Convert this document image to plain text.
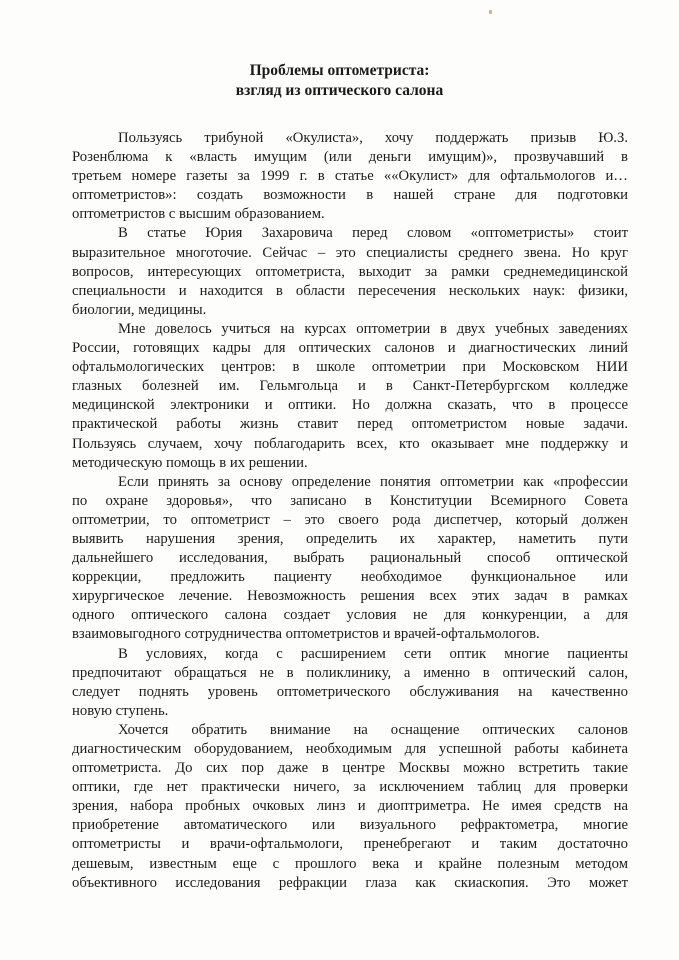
Проблемы оптометриста:
взгляд из оптического салона
Пользуясь трибуной «Окулиста», хочу поддержать призыв Ю.З.
Розенблюма к «власть имущим (или деньги имущим)», прозвучавший в
третьем номере газеты за 1999 г. в статье ««Окулист» для офтальмологов и…
оптометристов»: создать возможности в нашей стране для подготовки
оптометристов с высшим образованием.
В статье Юрия Захаровича перед словом «оптометристы» стоит
выразительное многоточие. Сейчас – это специалисты среднего звена. Но круг
вопросов, интересующих оптометриста, выходит за рамки среднемедицинской
специальности и находится в области пересечения нескольких наук: физики,
биологии, медицины.
Мне довелось учиться на курсах оптометрии в двух учебных заведениях
России, готовящих кадры для оптических салонов и диагностических линий
офтальмологических центров: в школе оптометрии при Московском НИИ
глазных болезней им. Гельмгольца и в Санкт-Петербургском колледже
медицинской электроники и оптики. Но должна сказать, что в процессе
практической работы жизнь ставит перед оптометристом новые задачи.
Пользуясь случаем, хочу поблагодарить всех, кто оказывает мне поддержку и
методическую помощь в их решении.
Если принять за основу определение понятия оптометрии как «профессии
по охране здоровья», что записано в Конституции Всемирного Совета
оптометрии, то оптометрист – это своего рода диспетчер, который должен
выявить нарушения зрения, определить их характер, наметить пути
дальнейшего исследования, выбрать рациональный способ оптической
коррекции, предложить пациенту необходимое функциональное или
хирургическое лечение. Невозможность решения всех этих задач в рамках
одного оптического салона создает условия не для конкуренции, а для
взаимовыгодного сотрудничества оптометристов и врачей-офтальмологов.
В условиях, когда с расширением сети оптик многие пациенты
предпочитают обращаться не в поликлинику, а именно в оптический салон,
следует поднять уровень оптометрического обслуживания на качественно
новую ступень.
Хочется обратить внимание на оснащение оптических салонов
диагностическим оборудованием, необходимым для успешной работы кабинета
оптометриста. До сих пор даже в центре Москвы можно встретить такие
оптики, где нет практически ничего, за исключением таблиц для проверки
зрения, набора пробных очковых линз и диоптриметра. Не имея средств на
приобретение автоматического или визуального рефрактометра, многие
оптометристы и врачи-офтальмологи, пренебрегают и таким достаточно
дешевым, известным еще с прошлого века и крайне полезным методом
объективного исследования рефракции глаза как скиаскопия. Это может
